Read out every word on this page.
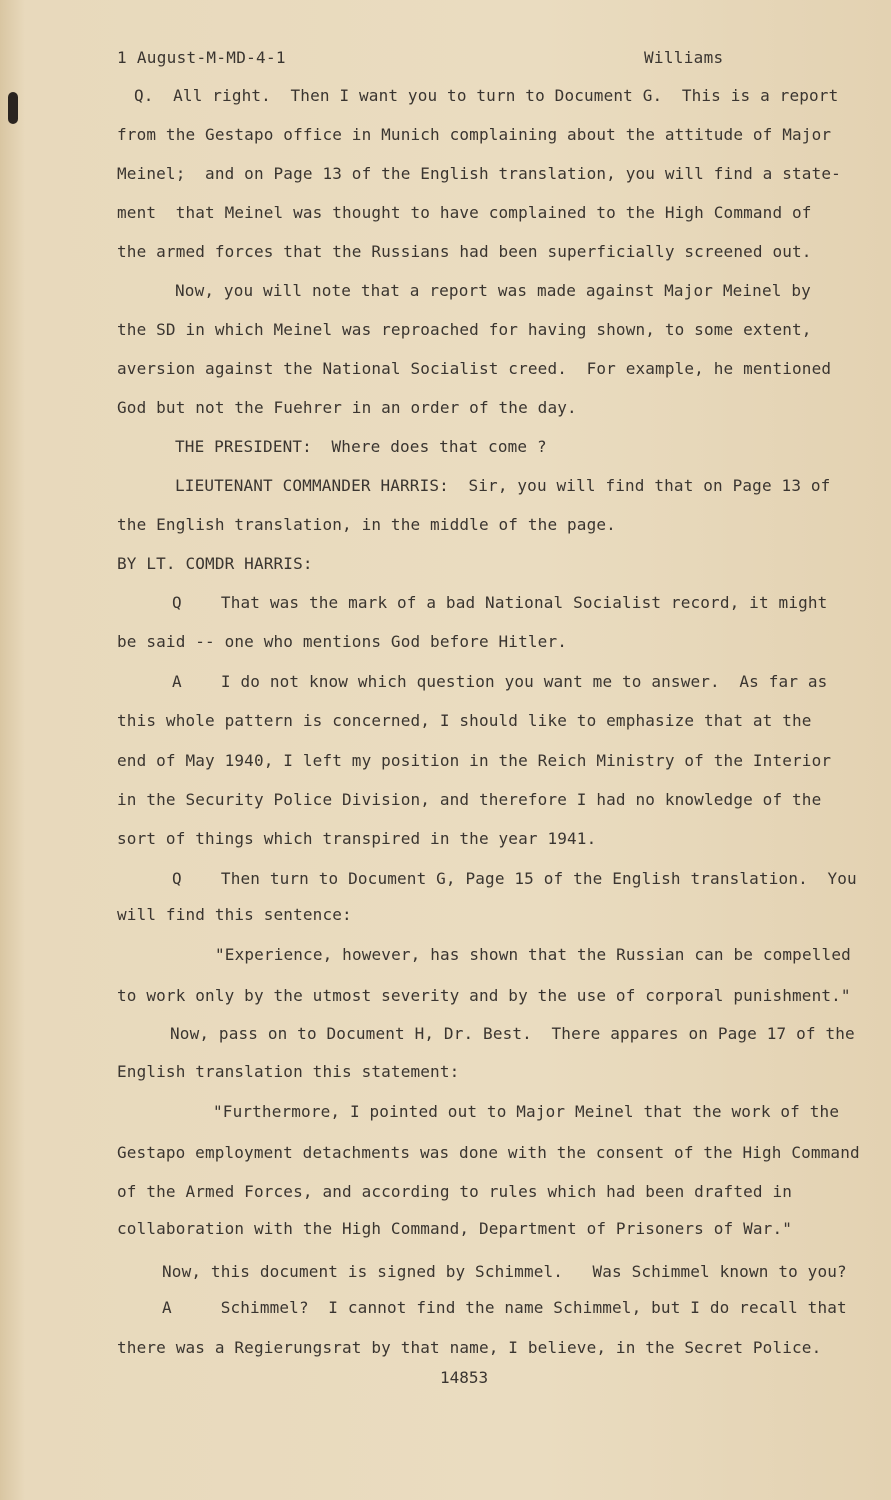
1 August-M-MD-4-1	Williams
Q.  All right.  Then I want you to turn to Document G.  This is a report
from the Gestapo office in Munich complaining about the attitude of Major
Meinel;  and on Page 13 of the English translation, you will find a state-
ment  that Meinel was thought to have complained to the High Command of
the armed forces that the Russians had been superficially screened out.
Now, you will note that a report was made against Major Meinel by
the SD in which Meinel was reproached for having shown, to some extent,
aversion against the National Socialist creed.  For example, he mentioned
God but not the Fuehrer in an order of the day.
THE PRESIDENT:  Where does that come ?
LIEUTENANT COMMANDER HARRIS:  Sir, you will find that on Page 13 of
the English translation, in the middle of the page.
BY LT. COMDR HARRIS:
Q    That was the mark of a bad National Socialist record, it might
be said -- one who mentions God before Hitler.
A    I do not know which question you want me to answer.  As far as
this whole pattern is concerned, I should like to emphasize that at the
end of May 1940, I left my position in the Reich Ministry of the Interior
in the Security Police Division, and therefore I had no knowledge of the
sort of things which transpired in the year 1941.
Q    Then turn to Document G, Page 15 of the English translation.  You
will find this sentence:
"Experience, however, has shown that the Russian can be compelled
to work only by the utmost severity and by the use of corporal punishment."
Now, pass on to Document H, Dr. Best.  There appares on Page 17 of the
English translation this statement:
"Furthermore, I pointed out to Major Meinel that the work of the
Gestapo employment detachments was done with the consent of the High Command
of the Armed Forces, and according to rules which had been drafted in
collaboration with the High Command, Department of Prisoners of War."
Now, this document is signed by Schimmel.   Was Schimmel known to you?
A     Schimmel?  I cannot find the name Schimmel, but I do recall that
there was a Regierungsrat by that name, I believe, in the Secret Police.
14853
